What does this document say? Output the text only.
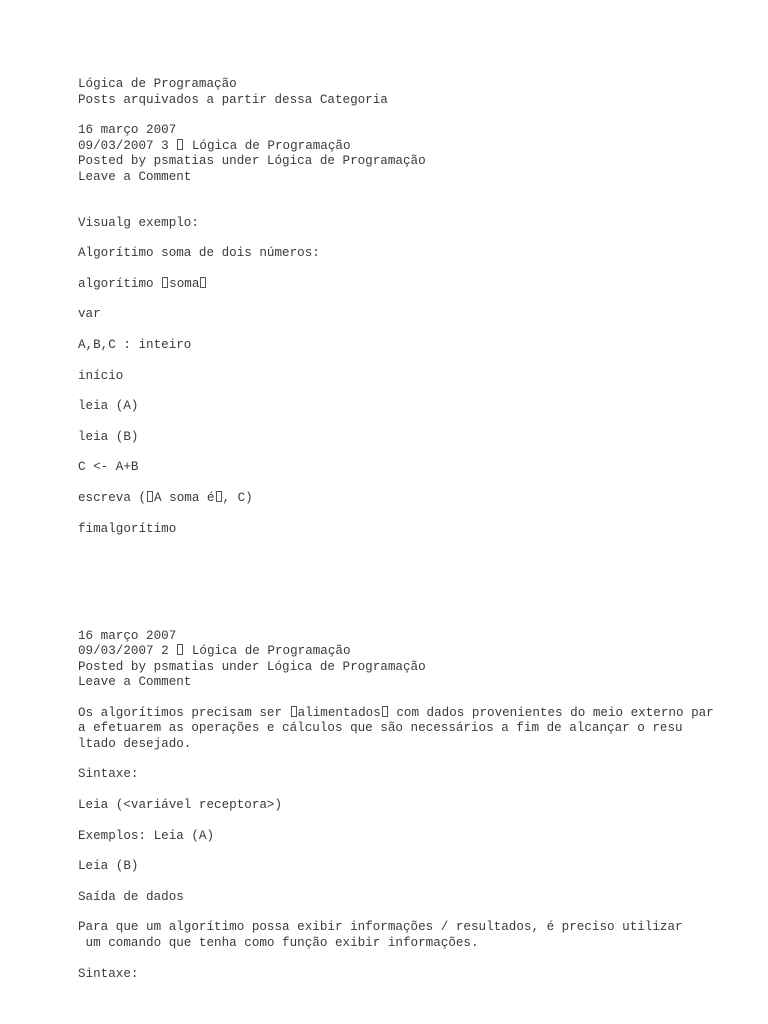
Lógica de Programação

Posts arquivados a partir dessa Categoria

16 março 2007

09/03/2007 3 Lógica de Programação

Posted by psmatias under Lógica de Programação

Leave a Comment

Visualg exemplo:

Algorítimo soma de dois números:

algorítimo soma

var

A,B,C : inteiro

início

leia (A)

leia (B)

C <- A+B

escreva ( A soma é , C)

fimalgorítimo

16 março 2007

09/03/2007 2 Lógica de Programação

Posted by psmatias under Lógica de Programação

Leave a Comment

Os algorítimos precisam ser alimentados com dados provenientes do meio externo par

a efetuarem as operações e cálculos que são necessários a fim de alcançar o resu

ltado desejado.

Sintaxe:

Leia (<variável receptora>)

Exemplos: Leia (A)

Leia (B)

Saída de dados

Para que um algorítimo possa exibir informações / resultados, é preciso utilizar

um comando que tenha como função exibir informações.

Sintaxe:
